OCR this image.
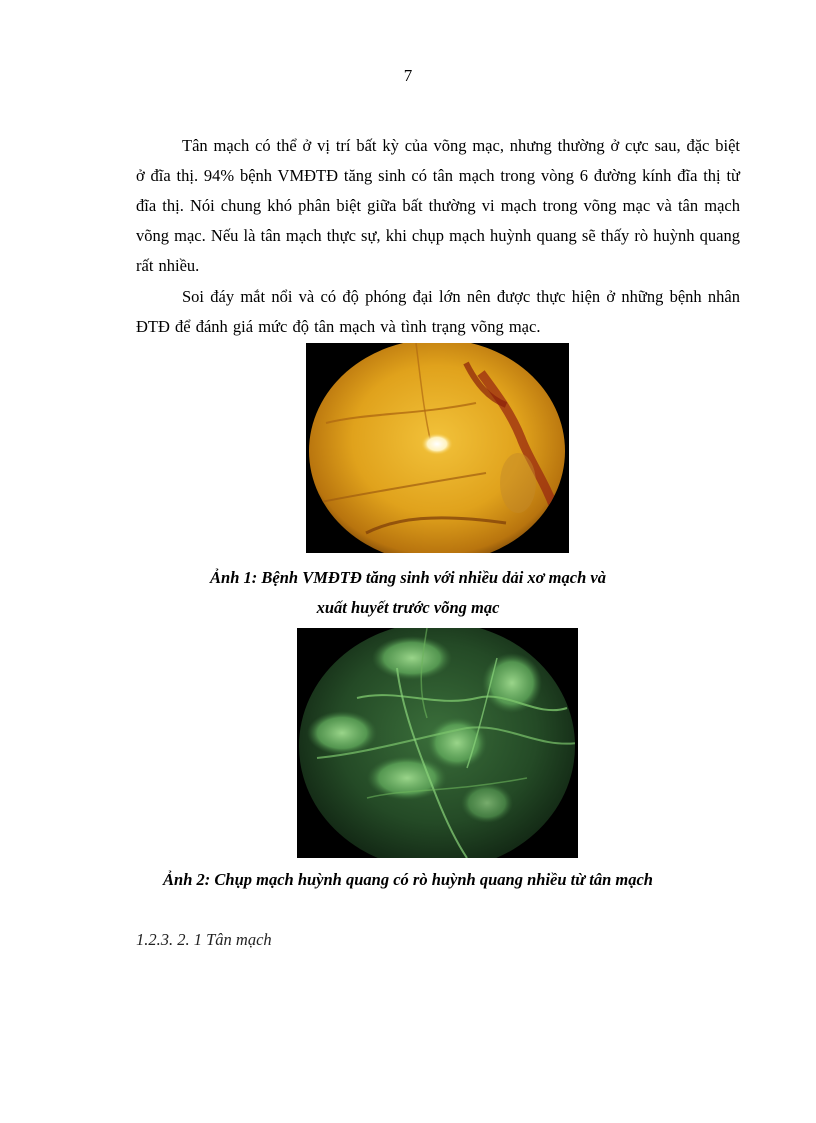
7

Tân mạch có thể ở vị trí bất kỳ của võng mạc, nhưng thường ở cực sau, đặc biệt ở đĩa thị. 94% bệnh VMĐTĐ tăng sinh có tân mạch trong vòng 6 đường kính đĩa thị từ đĩa thị. Nói chung khó phân biệt giữa bất thường vi mạch trong võng mạc và tân mạch võng mạc. Nếu là tân mạch thực sự, khi chụp mạch huỳnh quang sẽ thấy rò huỳnh quang rất nhiều.

Soi đáy mắt nổi và có độ phóng đại lớn nên được thực hiện ở những bệnh nhân ĐTĐ để đánh giá mức độ tân mạch và tình trạng võng mạc.

Ảnh 1: Bệnh VMĐTĐ tăng sinh với nhiều dải xơ mạch và
xuất huyết trước võng mạc
Ảnh 2: Chụp mạch huỳnh quang có rò huỳnh quang nhiều từ tân mạch
1.2.3. 2. 1 Tân mạch
